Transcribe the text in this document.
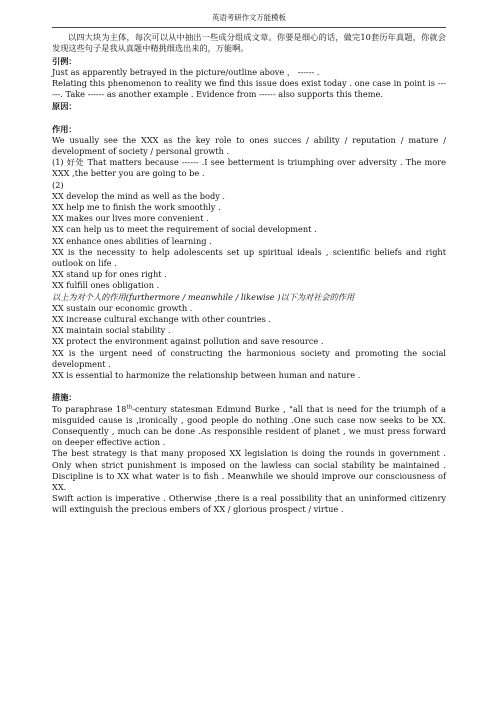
英语考研作文万能模板

以四大块为主体，每次可以从中抽出一些成分组成文章。你要是细心的话，做完10套历年真题，你就会发现这些句子是我从真题中精挑细选出来的，万能啊。

引例：

Just as apparently betrayed in the picture/outline above ， ------ .

Relating this phenomenon to reality we find this issue does exist today . one case in point is ------. Take ------ as another example . Evidence from ------ also supports this theme.

原因：

作用：

We usually see the XXX as the key role to ones succes / ability / reputation / mature / development of society / personal growth .

(1) 好处 That matters because ------ .I see betterment is triumphing over adversity . The more XXX ,the better you are going to be .

(2)

XX develop the mind as well as the body .

XX help me to finish the work smoothly .

XX makes our lives more convenient .

XX can help us to meet the requirement of social development .

XX enhance ones abilities of learning .

XX is the necessity to help adolescents set up spiritual ideals , scientific beliefs and right outlook on life .

XX stand up for ones right .

XX fulfill ones obligation .

以上为对个人的作用(furthermore / meanwhile / likewise )以下为对社会的作用

XX sustain our economic growth .

XX increase cultural exchange with other countries .

XX maintain social stability .

XX protect the environment against pollution and save resource .

XX is the urgent need of constructing the harmonious society and promoting the social development .

XX is essential to harmonize the relationship between human and nature .

措施：

To paraphrase 18th-century statesman Edmund Burke , "all that is need for the triumph of a misguided cause is ,ironically , good people do nothing .One such case now seeks to be XX. Consequently , much can be done .As responsible resident of planet , we must press forward on deeper effective action .

The best strategy is that many proposed XX legislation is doing the rounds in government . Only when strict punishment is imposed on the lawless can social stability be maintained . Discipline is to XX what water is to fish . Meanwhile we should improve our consciousness of XX.

Swift action is imperative . Otherwise ,there is a real possibility that an uninformed citizenry will extinguish the precious embers of XX / glorious prospect / virtue .
